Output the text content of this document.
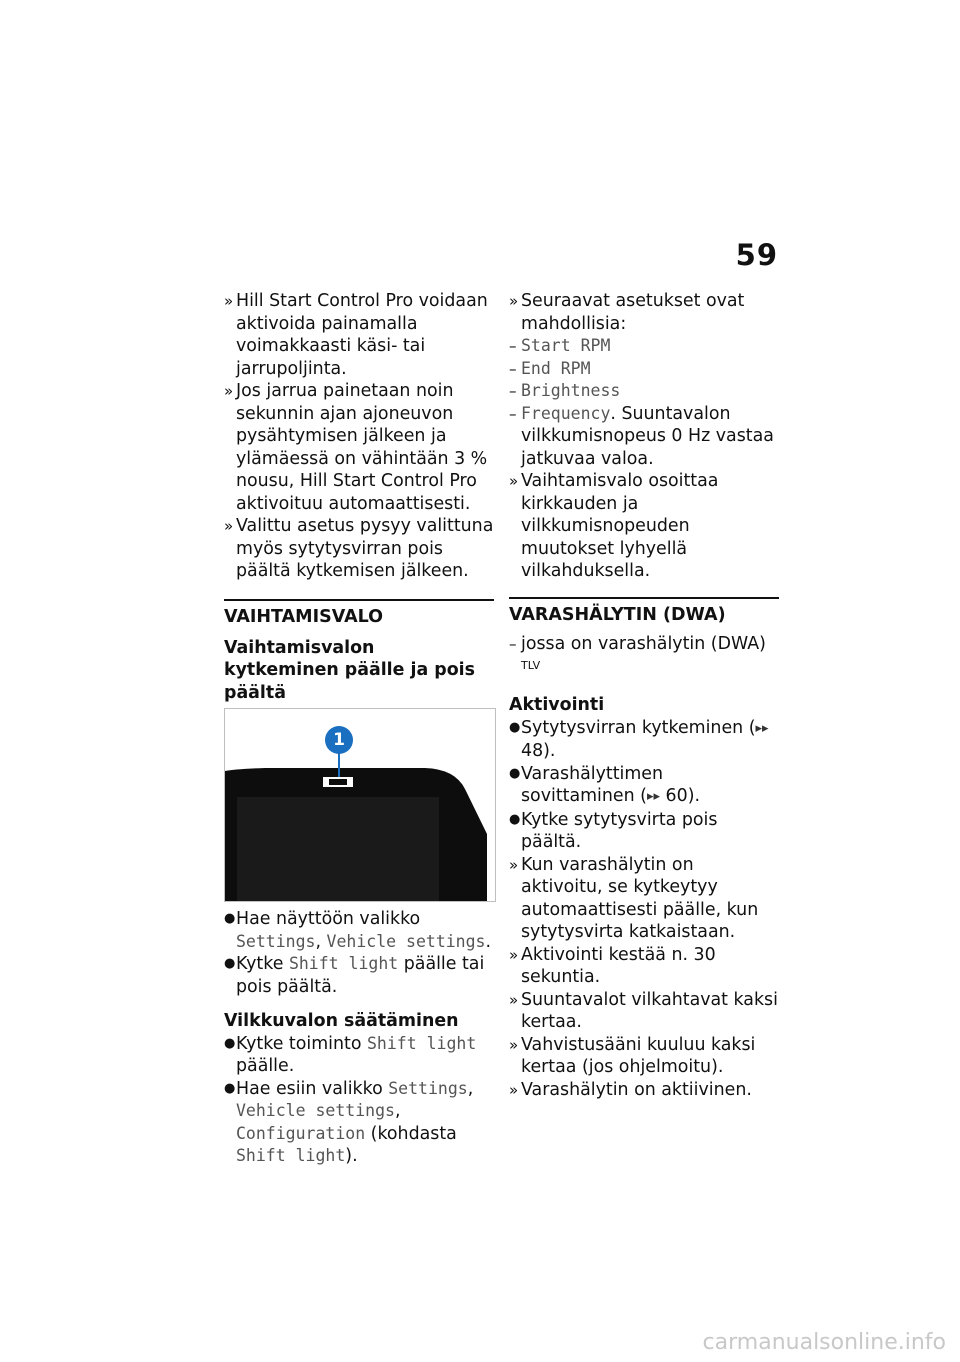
59
» Hill Start Control Pro voidaan aktivoida painamalla voimakkaasti käsi- tai jarrupoljinta.
» Jos jarrua painetaan noin sekunnin ajan ajoneuvon pysähtymisen jälkeen ja ylämäessä on vähintään 3 % nousu, Hill Start Control Pro aktivoituu automaattisesti.
» Valittu asetus pysyy valittuna myös sytytysvirran pois päältä kytkemisen jälkeen.
VAIHTAMISVALO
Vaihtamisvalon kytkeminen päälle ja pois päältä
1
● Hae näyttöön valikko Settings, Vehicle settings.
● Kytke Shift light päälle tai pois päältä.
Vilkkuvalon säätäminen
● Kytke toiminto Shift light päälle.
● Hae esiin valikko Settings, Vehicle settings, Configuration (kohdasta Shift light).
» Seuraavat asetukset ovat mahdollisia:
– Start RPM
– End RPM
– Brightness
– Frequency. Suuntavalon vilkkumisnopeus 0 Hz vastaa jatkuvaa valoa.
» Vaihtamisvalo osoittaa kirkkauden ja vilkkumisnopeuden muutokset lyhyellä vilkahduksella.
VARASHÄLYTIN (DWA)
– jossa on varashälytin (DWA) $^{TLV}$
Aktivointi
● Sytytysvirran kytkeminen (▸▸ 48).
● Varashälyttimen sovittaminen (▸▸ 60).
● Kytke sytytysvirta pois päältä.
» Kun varashälytin on aktivoitu, se kytkeytyy automaattisesti päälle, kun sytytysvirta katkaistaan.
» Aktivointi kestää n. 30 sekuntia.
» Suuntavalot vilkahtavat kaksi kertaa.
» Vahvistusääni kuuluu kaksi kertaa (jos ohjelmoitu).
» Varashälytin on aktiivinen.
carmanualsonline.info
